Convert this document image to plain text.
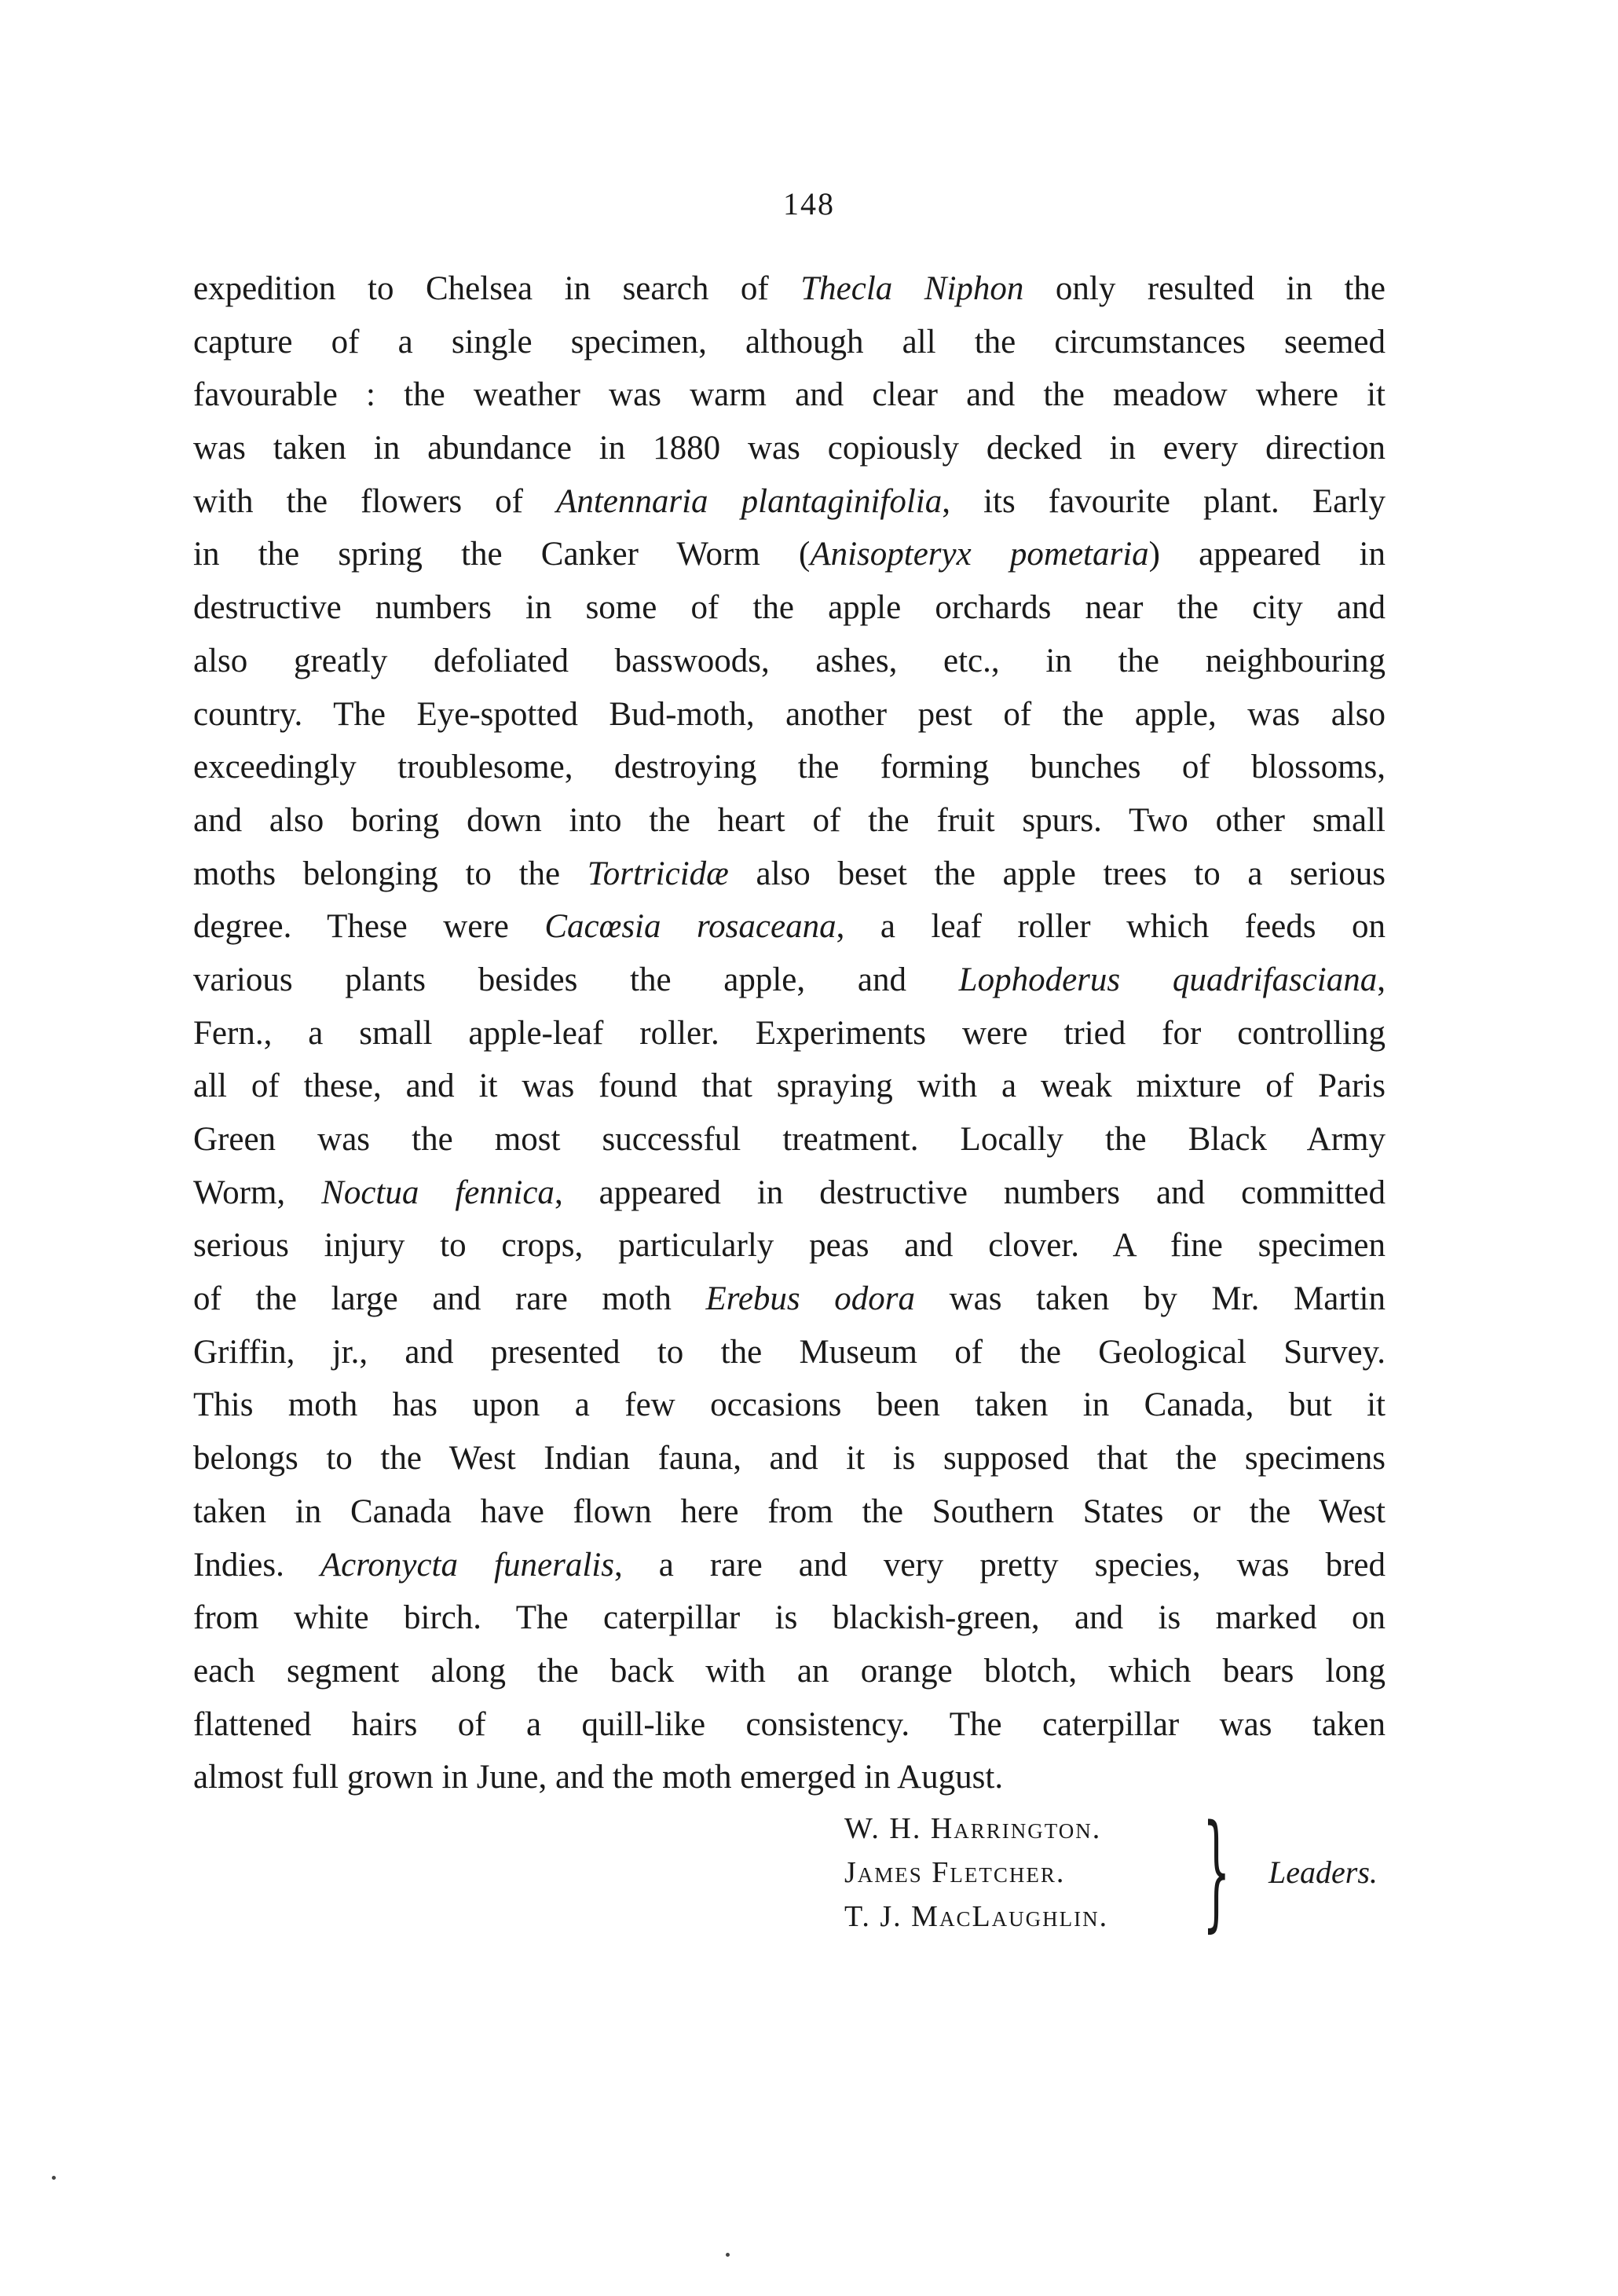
148
expedition to Chelsea in search of Thecla Niphon only resulted in the
capture of a single specimen, although all the circumstances seemed
favourable : the weather was warm and clear and the meadow where it
was taken in abundance in 1880 was copiously decked in every direction
with the flowers of Antennaria plantaginifolia, its favourite plant. Early
in the spring the Canker Worm (Anisopteryx pometaria) appeared in
destructive numbers in some of the apple orchards near the city and
also greatly defoliated basswoods, ashes, etc., in the neighbouring
country. The Eye-spotted Bud-moth, another pest of the apple, was also
exceedingly troublesome, destroying the forming bunches of blossoms,
and also boring down into the heart of the fruit spurs. Two other small
moths belonging to the Tortricidæ also beset the apple trees to a serious
degree. These were Cacœsia rosaceana, a leaf roller which feeds on
various plants besides the apple, and Lophoderus quadrifasciana,
Fern., a small apple-leaf roller. Experiments were tried for controlling
all of these, and it was found that spraying with a weak mixture of Paris
Green was the most successful treatment. Locally the Black Army
Worm, Noctua fennica, appeared in destructive numbers and committed
serious injury to crops, particularly peas and clover. A fine specimen
of the large and rare moth Erebus odora was taken by Mr. Martin
Griffin, jr., and presented to the Museum of the Geological Survey.
This moth has upon a few occasions been taken in Canada, but it
belongs to the West Indian fauna, and it is supposed that the specimens
taken in Canada have flown here from the Southern States or the West
Indies. Acronycta funeralis, a rare and very pretty species, was bred
from white birch. The caterpillar is blackish-green, and is marked on
each segment along the back with an orange blotch, which bears long
flattened hairs of a quill-like consistency. The caterpillar was taken
almost full grown in June, and the moth emerged in August.
W. H. Harrington.
James Fletcher.
T. J. MacLaughlin. } Leaders.
